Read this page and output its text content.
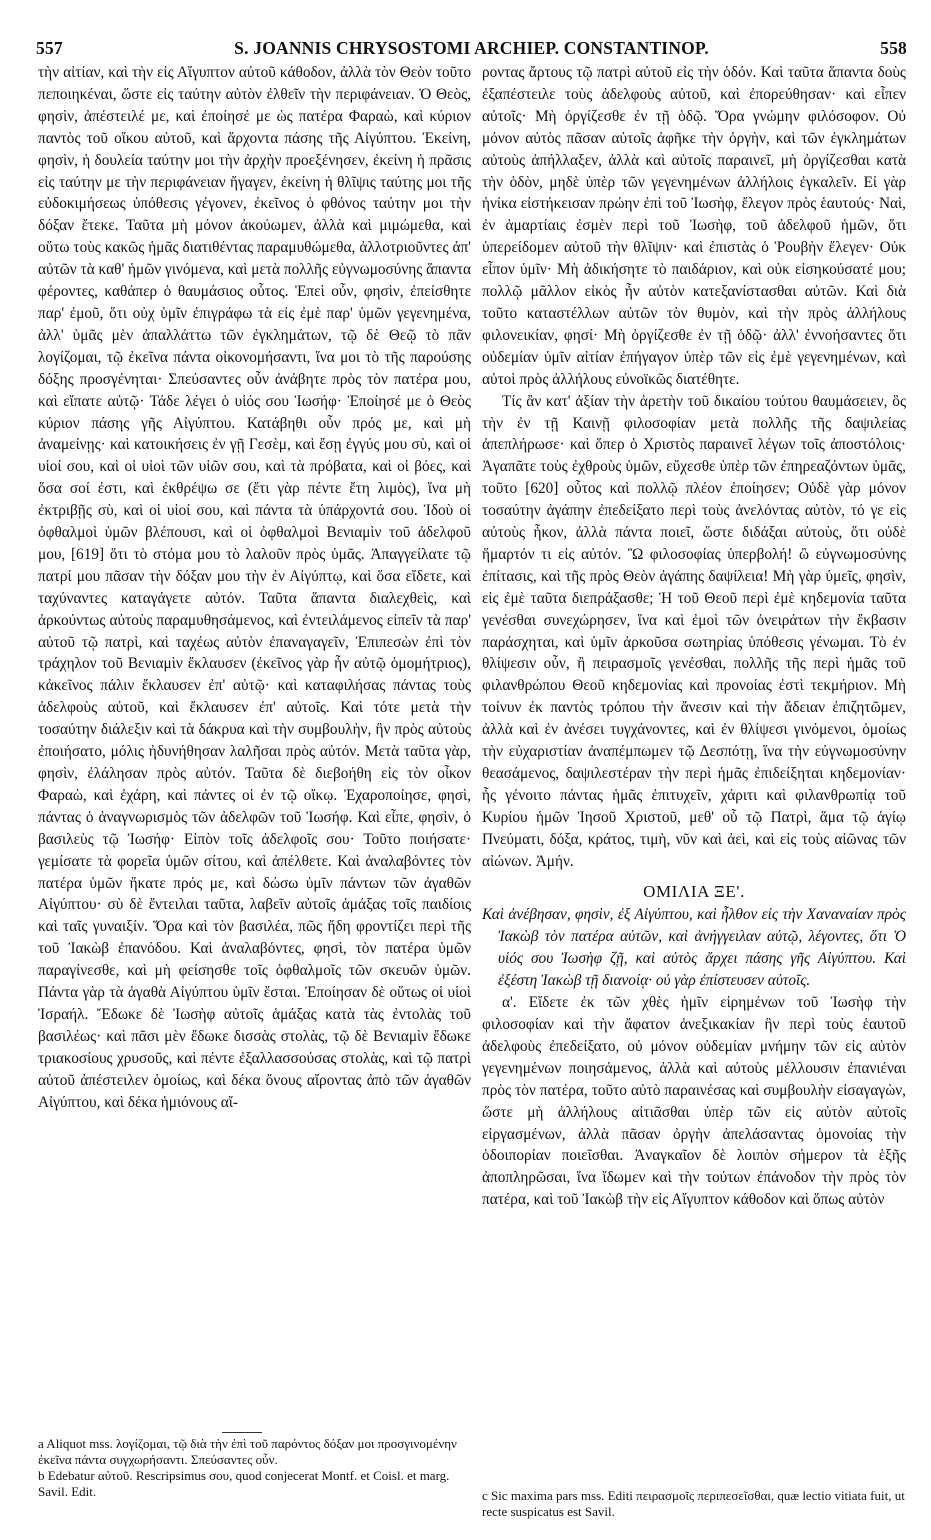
557	S. JOANNIS CHRYSOSTOMI ARCHIEP. CONSTANTINOP.	558

τὴν αἰτίαν, καὶ τὴν εἰς Αἴγυπτον αὐτοῦ κάθοδον, ἀλλὰ τὸν Θεὸν τοῦτο πεποιηκέναι, ὥστε εἰς ταύτην αὐτὸν ἐλθεῖν τὴν περιφάνειαν. Ὁ Θεὸς, φησὶν, ἀπέστειλέ με, καὶ ἐποίησέ με ὡς πατέρα Φαραὼ, καὶ κύριον παντὸς τοῦ οἴκου αὐτοῦ, καὶ ἄρχοντα πάσης τῆς Αἰγύπτου. Ἐκείνη, φησὶν, ἡ δουλεία ταύτην μοι τὴν ἀρχὴν προεξένησεν, ἐκείνη ἡ πρᾶσις εἰς ταύτην με τὴν περιφάνειαν ἤγαγεν, ἐκείνη ἡ θλῖψις ταύτης μοι τῆς εὐδοκιμήσεως ὑπόθεσις γέγονεν, ἐκεῖνος ὁ φθόνος ταύτην μοι τὴν δόξαν ἔτεκε. Ταῦτα μὴ μόνον ἀκούωμεν, ἀλλὰ καὶ μιμώμεθα, καὶ οὕτω τοὺς κακῶς ἡμᾶς διατιθέντας παραμυθώμεθα, ἀλλοτριοῦντες ἀπ' αὐτῶν τὰ καθ' ἡμῶν γινόμενα, καὶ μετὰ πολλῆς εὐγνωμοσύνης ἅπαντα φέροντες, καθάπερ ὁ θαυμάσιος οὗτος. Ἐπεὶ οὖν, φησὶν, ἐπείσθητε παρ' ἐμοῦ, ὅτι οὐχ ὑμῖν ἐπιγράφω τὰ εἰς ἐμὲ παρ' ὑμῶν γεγενημένα, ἀλλ' ὑμᾶς μὲν ἀπαλλάττω τῶν ἐγκλημάτων, τῷ δὲ Θεῷ τὸ πᾶν λογίζομαι, τῷ ἐκεῖνα πάντα οἰκονομήσαντι, ἵνα μοι τὸ τῆς παρούσης δόξης προσγένηται· Σπεύσαντες οὖν ἀνάβητε πρὸς τὸν πατέρα μου, καὶ εἴπατε αὐτῷ· Τάδε λέγει ὁ υἱός σου Ἰωσήφ· Ἐποίησέ με ὁ Θεὸς κύριον πάσης γῆς Αἰγύπτου. Κατάβηθι οὖν πρός με, καὶ μὴ ἀναμείνῃς· καὶ κατοικήσεις ἐν γῇ Γεσὲμ, καὶ ἔσῃ ἐγγύς μου σὺ, καὶ οἱ υἱοί σου, καὶ οἱ υἱοὶ τῶν υἱῶν σου, καὶ τὰ πρόβατα, καὶ οἱ βόες, καὶ ὅσα σοί ἐστι, καὶ ἐκθρέψω σε (ἔτι γὰρ πέντε ἔτη λιμὸς), ἵνα μὴ ἐκτριβῇς σὺ, καὶ οἱ υἱοί σου, καὶ πάντα τὰ ὑπάρχοντά σου. Ἰδοὺ οἱ ὀφθαλμοὶ ὑμῶν βλέπουσι, καὶ οἱ ὀφθαλμοὶ Βενιαμὶν τοῦ ἀδελφοῦ μου, [619] ὅτι τὸ στόμα μου τὸ λαλοῦν πρὸς ὑμᾶς. Ἀπαγγείλατε τῷ πατρί μου πᾶσαν τὴν δόξαν μου τὴν ἐν Αἰγύπτῳ, καὶ ὅσα εἴδετε, καὶ ταχύναντες καταγάγετε αὐτόν. Ταῦτα ἅπαντα διαλεχθεὶς, καὶ ἀρκούντως αὐτοὺς παραμυθησάμενος, καὶ ἐντειλάμενος εἰπεῖν τὰ παρ' αὐτοῦ τῷ πατρὶ, καὶ ταχέως αὐτὸν ἐπαναγαγεῖν, Ἐπιπεσὼν ἐπὶ τὸν τράχηλον τοῦ Βενιαμὶν ἔκλαυσεν (ἐκεῖνος γὰρ ἦν αὐτῷ ὁμομήτριος), κἀκεῖνος πάλιν ἔκλαυσεν ἐπ' αὐτῷ· καὶ καταφιλήσας πάντας τοὺς ἀδελφοὺς αὐτοῦ, καὶ ἔκλαυσεν ἐπ' αὐτοῖς. Καὶ τότε μετὰ τὴν τοσαύτην διάλεξιν καὶ τὰ δάκρυα καὶ τὴν συμβουλὴν, ἣν πρὸς αὐτοὺς ἐποιήσατο, μόλις ἠδυνήθησαν λαλῆσαι πρὸς αὐτόν. Μετὰ ταῦτα γὰρ, φησὶν, ἐλάλησαν πρὸς αὐτόν. Ταῦτα δὲ διεβοήθη εἰς τὸν οἶκον Φαραὼ, καὶ ἐχάρη, καὶ πάντες οἱ ἐν τῷ οἴκῳ. Ἐχαροποίησε, φησὶ, πάντας ὁ ἀναγνωρισμὸς τῶν ἀδελφῶν τοῦ Ἰωσήφ. Καὶ εἶπε, φησὶν, ὁ βασιλεὺς τῷ Ἰωσήφ· Εἰπὸν τοῖς ἀδελφοῖς σου· Τοῦτο ποιήσατε· γεμίσατε τὰ φορεῖα ὑμῶν σίτου, καὶ ἀπέλθετε. Καὶ ἀναλαβόντες τὸν πατέρα ὑμῶν ἥκατε πρός με, καὶ δώσω ὑμῖν πάντων τῶν ἀγαθῶν Αἰγύπτου· σὺ δὲ ἔντειλαι ταῦτα, λαβεῖν αὐτοῖς ἁμάξας τοῖς παιδίοις καὶ ταῖς γυναιξίν. Ὅρα καὶ τὸν βασιλέα, πῶς ἤδη φροντίζει περὶ τῆς τοῦ Ἰακὼβ ἐπανόδου. Καὶ ἀναλαβόντες, φησὶ, τὸν πατέρα ὑμῶν παραγίνεσθε, καὶ μὴ φείσησθε τοῖς ὀφθαλμοῖς τῶν σκευῶν ὑμῶν. Πάντα γὰρ τὰ ἀγαθὰ Αἰγύπτου ὑμῖν ἔσται. Ἐποίησαν δὲ οὕτως οἱ υἱοὶ Ἰσραήλ. Ἔδωκε δὲ Ἰωσὴφ αὐτοῖς ἁμάξας κατὰ τὰς ἐντολὰς τοῦ βασιλέως· καὶ πᾶσι μὲν ἔδωκε δισσὰς στολὰς, τῷ δὲ Βενιαμὶν ἔδωκε τριακοσίους χρυσοῦς, καὶ πέντε ἐξαλλασσούσας στολὰς, καὶ τῷ πατρὶ αὐτοῦ ἀπέστειλεν ὁμοίως, καὶ δέκα ὄνους αἴροντας ἀπὸ τῶν ἀγαθῶν Αἰγύπτου, καὶ δέκα ἡμιόνους αἴ-

ροντας ἄρτους τῷ πατρὶ αὐτοῦ εἰς τὴν ὁδόν. Καὶ ταῦτα ἅπαντα δοὺς ἐξαπέστειλε τοὺς ἀδελφοὺς αὐτοῦ, καὶ ἐπορεύθησαν· καὶ εἶπεν αὐτοῖς· Μὴ ὀργίζεσθε ἐν τῇ ὁδῷ. Ὅρα γνώμην φιλόσοφον. Οὐ μόνον αὐτὸς πᾶσαν αὐτοῖς ἀφῆκε τὴν ὀργὴν, καὶ τῶν ἐγκλημάτων αὐτοὺς ἀπήλλαξεν, ἀλλὰ καὶ αὐτοῖς παραινεῖ, μὴ ὀργίζεσθαι κατὰ τὴν ὁδὸν, μηδὲ ὑπὲρ τῶν γεγενημένων ἀλλήλοις ἐγκαλεῖν. Εἰ γὰρ ἡνίκα εἰστήκεισαν πρώην ἐπὶ τοῦ Ἰωσὴφ, ἔλεγον πρὸς ἑαυτούς· Ναὶ, ἐν ἁμαρτίαις ἐσμὲν περὶ τοῦ Ἰωσὴφ, τοῦ ἀδελφοῦ ἡμῶν, ὅτι ὑπερείδομεν αὐτοῦ τὴν θλῖψιν· καὶ ἐπιστὰς ὁ Ῥουβὴν ἔλεγεν· Οὐκ εἶπον ὑμῖν· Μὴ ἀδικήσητε τὸ παιδάριον, καὶ οὐκ εἰσηκούσατέ μου; πολλῷ μᾶλλον εἰκὸς ἦν αὐτὸν κατεξανίστασθαι αὐτῶν. Καὶ διὰ τοῦτο καταστέλλων αὐτῶν τὸν θυμὸν, καὶ τὴν πρὸς ἀλλήλους φιλονεικίαν, φησί· Μὴ ὀργίζεσθε ἐν τῇ ὁδῷ· ἀλλ' ἐννοήσαντες ὅτι οὐδεμίαν ὑμῖν αἰτίαν ἐπήγαγον ὑπὲρ τῶν εἰς ἐμὲ γεγενημένων, καὶ αὐτοὶ πρὸς ἀλλήλους εὐνοϊκῶς διατέθητε.

Τίς ἂν κατ' ἀξίαν τὴν ἀρετὴν τοῦ δικαίου τούτου θαυμάσειεν, ὃς τὴν ἐν τῇ Καινῇ φιλοσοφίαν μετὰ πολλῆς τῆς δαψιλείας ἀπεπλήρωσε· καὶ ὅπερ ὁ Χριστὸς παραινεῖ λέγων τοῖς ἀποστόλοις· Ἀγαπᾶτε τοὺς ἐχθροὺς ὑμῶν, εὔχεσθε ὑπὲρ τῶν ἐπηρεαζόντων ὑμᾶς, τοῦτο [620] οὗτος καὶ πολλῷ πλέον ἐποίησεν; Οὐδὲ γὰρ μόνον τοσαύτην ἀγάπην ἐπεδείξατο περὶ τοὺς ἀνελόντας αὐτὸν, τό γε εἰς αὐτοὺς ἧκον, ἀλλὰ πάντα ποιεῖ, ὥστε διδάξαι αὐτοὺς, ὅτι οὐδὲ ἥμαρτόν τι εἰς αὐτόν. Ὢ φιλοσοφίας ὑπερβολή! ὢ εὐγνωμοσύνης ἐπίτασις, καὶ τῆς πρὸς Θεὸν ἀγάπης δαψίλεια! Μὴ γὰρ ὑμεῖς, φησὶν, εἰς ἐμὲ ταῦτα διεπράξασθε; Ἡ τοῦ Θεοῦ περὶ ἐμὲ κηδεμονία ταῦτα γενέσθαι συνεχώρησεν, ἵνα καὶ ἐμοὶ τῶν ὀνειράτων τὴν ἔκβασιν παράσχηται, καὶ ὑμῖν ἀρκοῦσα σωτηρίας ὑπόθεσις γένωμαι. Τὸ ἐν θλίψεσιν οὖν, ἢ πειρασμοῖς γενέσθαι, πολλῆς τῆς περὶ ἡμᾶς τοῦ φιλανθρώπου Θεοῦ κηδεμονίας καὶ προνοίας ἐστὶ τεκμήριον. Μὴ τοίνυν ἐκ παντὸς τρόπου τὴν ἄνεσιν καὶ τὴν ἄδειαν ἐπιζητῶμεν, ἀλλὰ καὶ ἐν ἀνέσει τυγχάνοντες, καὶ ἐν θλίψεσι γινόμενοι, ὁμοίως τὴν εὐχαριστίαν ἀναπέμπωμεν τῷ Δεσπότῃ, ἵνα τὴν εὐγνωμοσύνην θεασάμενος, δαψιλεστέραν τὴν περὶ ἡμᾶς ἐπιδείξηται κηδεμονίαν· ἧς γένοιτο πάντας ἡμᾶς ἐπιτυχεῖν, χάριτι καὶ φιλανθρωπίᾳ τοῦ Κυρίου ἡμῶν Ἰησοῦ Χριστοῦ, μεθ' οὗ τῷ Πατρὶ, ἅμα τῷ ἁγίῳ Πνεύματι, δόξα, κράτος, τιμὴ, νῦν καὶ ἀεὶ, καὶ εἰς τοὺς αἰῶνας τῶν αἰώνων. Ἀμήν.

ΟΜΙΛΙΑ ΞΕ'.

Καὶ ἀνέβησαν, φησὶν, ἐξ Αἰγύπτου, καὶ ἦλθον εἰς τὴν Χαναναίαν πρὸς Ἰακὼβ τὸν πατέρα αὐτῶν, καὶ ἀνήγγειλαν αὐτῷ, λέγοντες, ὅτι Ὁ υἱός σου Ἰωσὴφ ζῇ, καὶ αὐτὸς ἄρχει πάσης γῆς Αἰγύπτου. Καὶ ἐξέστη Ἰακὼβ τῇ διανοίᾳ· οὐ γὰρ ἐπίστευσεν αὐτοῖς.

α'. Εἴδετε ἐκ τῶν χθὲς ἡμῖν εἰρημένων τοῦ Ἰωσὴφ τὴν φιλοσοφίαν καὶ τὴν ἄφατον ἀνεξικακίαν ἣν περὶ τοὺς ἑαυτοῦ ἀδελφοὺς ἐπεδείξατο, οὐ μόνον οὐδεμίαν μνήμην τῶν εἰς αὐτὸν γεγενημένων ποιησάμενος, ἀλλὰ καὶ αὐτοὺς μέλλουσιν ἐπανιέναι πρὸς τὸν πατέρα, τοῦτο αὐτὸ παραινέσας καὶ συμβουλὴν εἰσαγαγὼν, ὥστε μὴ ἀλλήλους αἰτιᾶσθαι ὑπὲρ τῶν εἰς αὐτὸν αὐτοῖς εἰργασμένων, ἀλλὰ πᾶσαν ὀργὴν ἀπελάσαντας ὁμονοίας τὴν ὁδοιπορίαν ποιεῖσθαι. Ἀναγκαῖον δὲ λοιπὸν σήμερον τὰ ἑξῆς ἀποπληρῶσαι, ἵνα ἴδωμεν καὶ τὴν τούτων ἐπάνοδον τὴν πρὸς τὸν πατέρα, καὶ τοῦ Ἰακὼβ τὴν εἰς Αἴγυπτον κάθοδον καὶ ὅπως αὐτὸν

a Aliquot mss. λογίζομαι, τῷ διὰ τὴν ἐπὶ τοῦ παρόντος δόξαν μοι προσγινομένην ἐκεῖνα πάντα συγχωρήσαντι. Σπεύσαντες οὖν.

b Edebatur αὐτοῦ. Rescripsimus σου, quod conjecerat Montf. et Coisl. et marg. Savil. Edit.	c Sic maxima pars mss. Editi πειρασμοῖς περιπεσεῖσθαι, quæ lectio vitiata fuit, ut recte suspicatus est Savil.
